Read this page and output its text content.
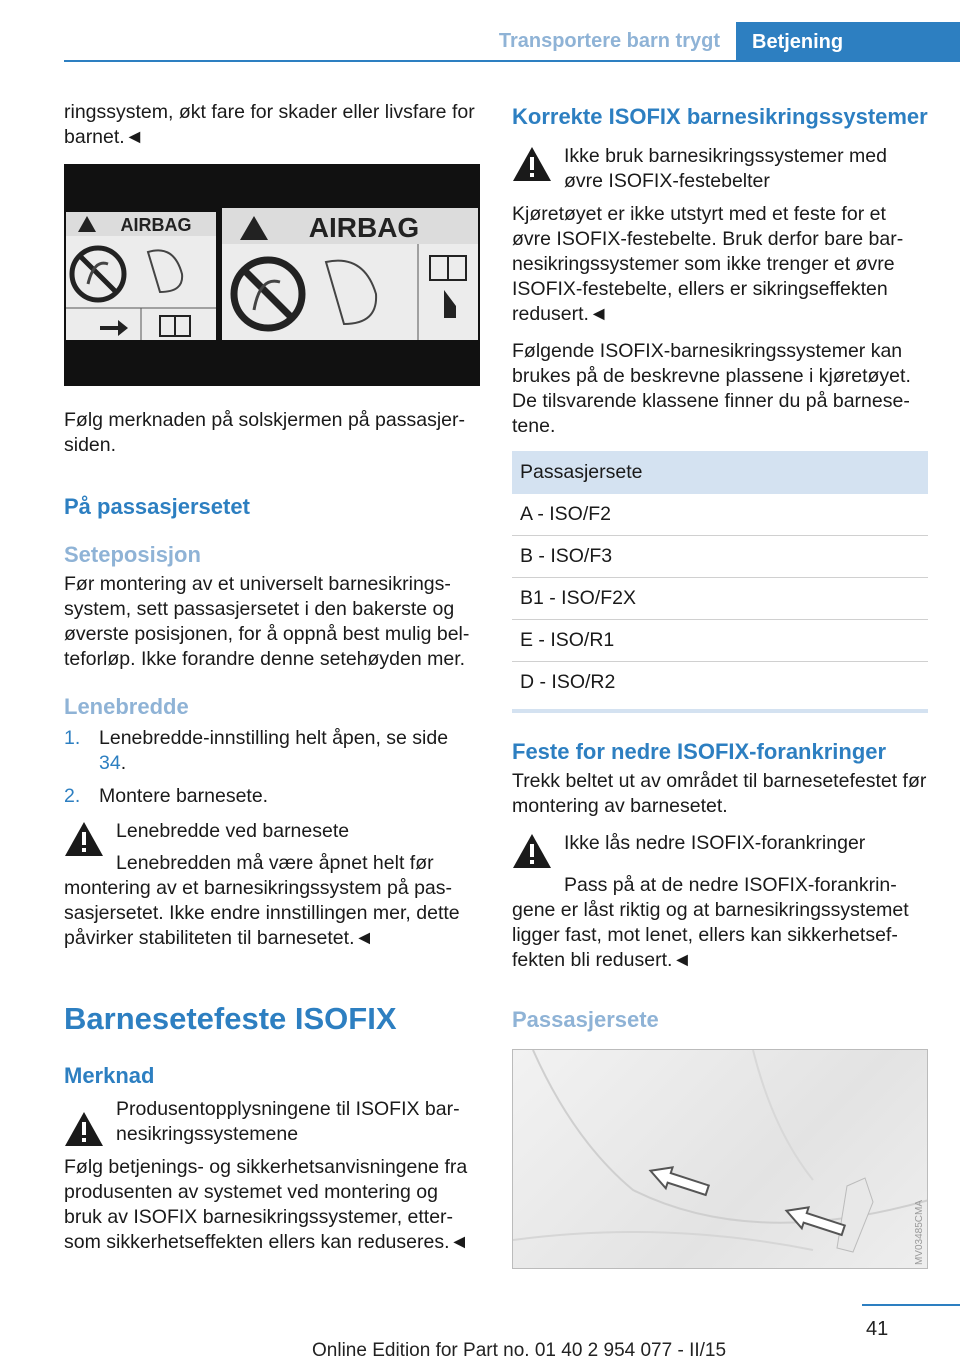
Transportere barn trygt	Betjening

ringssystem, økt fare for skader eller livsfare for barnet.◄

AIRBAG	AIRBAG

Følg merknaden på solskjermen på passasjer-siden.

På passasjersetet
Seteposisjon

Før montering av et universelt barnesikrings-system, sett passasjersetet i den bakerste og øverste posisjonen, for å oppnå best mulig bel-teforløp. Ikke forandre denne setehøyden mer.

Lenebredde
1. Lenebredde-innstilling helt åpen, se side 34.
2. Montere barnesete.
Lenebredde ved barnesete

Lenebredden må være åpnet helt før montering av et barnesikringssystem på pas-sasjersetet. Ikke endre innstillingen mer, dette påvirker stabiliteten til barnesetet.◄

Barnesetefeste ISOFIX
Merknad
Produsentopplysningene til ISOFIX bar-nesikringssystemene

Følg betjenings- og sikkerhetsanvisningene fra produsenten av systemet ved montering og bruk av ISOFIX barnesikringssystemer, etter-som sikkerhetseffekten ellers kan reduseres.◄

Korrekte ISOFIX barnesikringssystemer
Ikke bruk barnesikringssystemer med øvre ISOFIX-festebelter

Kjøretøyet er ikke utstyrt med et feste for et øvre ISOFIX-festebelte. Bruk derfor bare bar-nesikringssystemer som ikke trenger et øvre ISOFIX-festebelte, ellers er sikringseffekten redusert.◄

Følgende ISOFIX-barnesikringssystemer kan brukes på de beskrevne plassene i kjøretøyet. De tilsvarende klassene finner du på barnese-tene.

Passasjersete
A - ISO/F2
B - ISO/F3
B1 - ISO/F2X
E - ISO/R1
D - ISO/R2
Feste for nedre ISOFIX-forankringer

Trekk beltet ut av området til barnesetefestet før montering av barnesetet.

Ikke lås nedre ISOFIX-forankringer

Pass på at de nedre ISOFIX-forankrin-gene er låst riktig og at barnesikringssystemet ligger fast, mot lenet, ellers kan sikkerhetsef-fekten bli redusert.◄

Passasjersete
MV03485CMA
41
Online Edition for Part no. 01 40 2 954 077 - II/15
